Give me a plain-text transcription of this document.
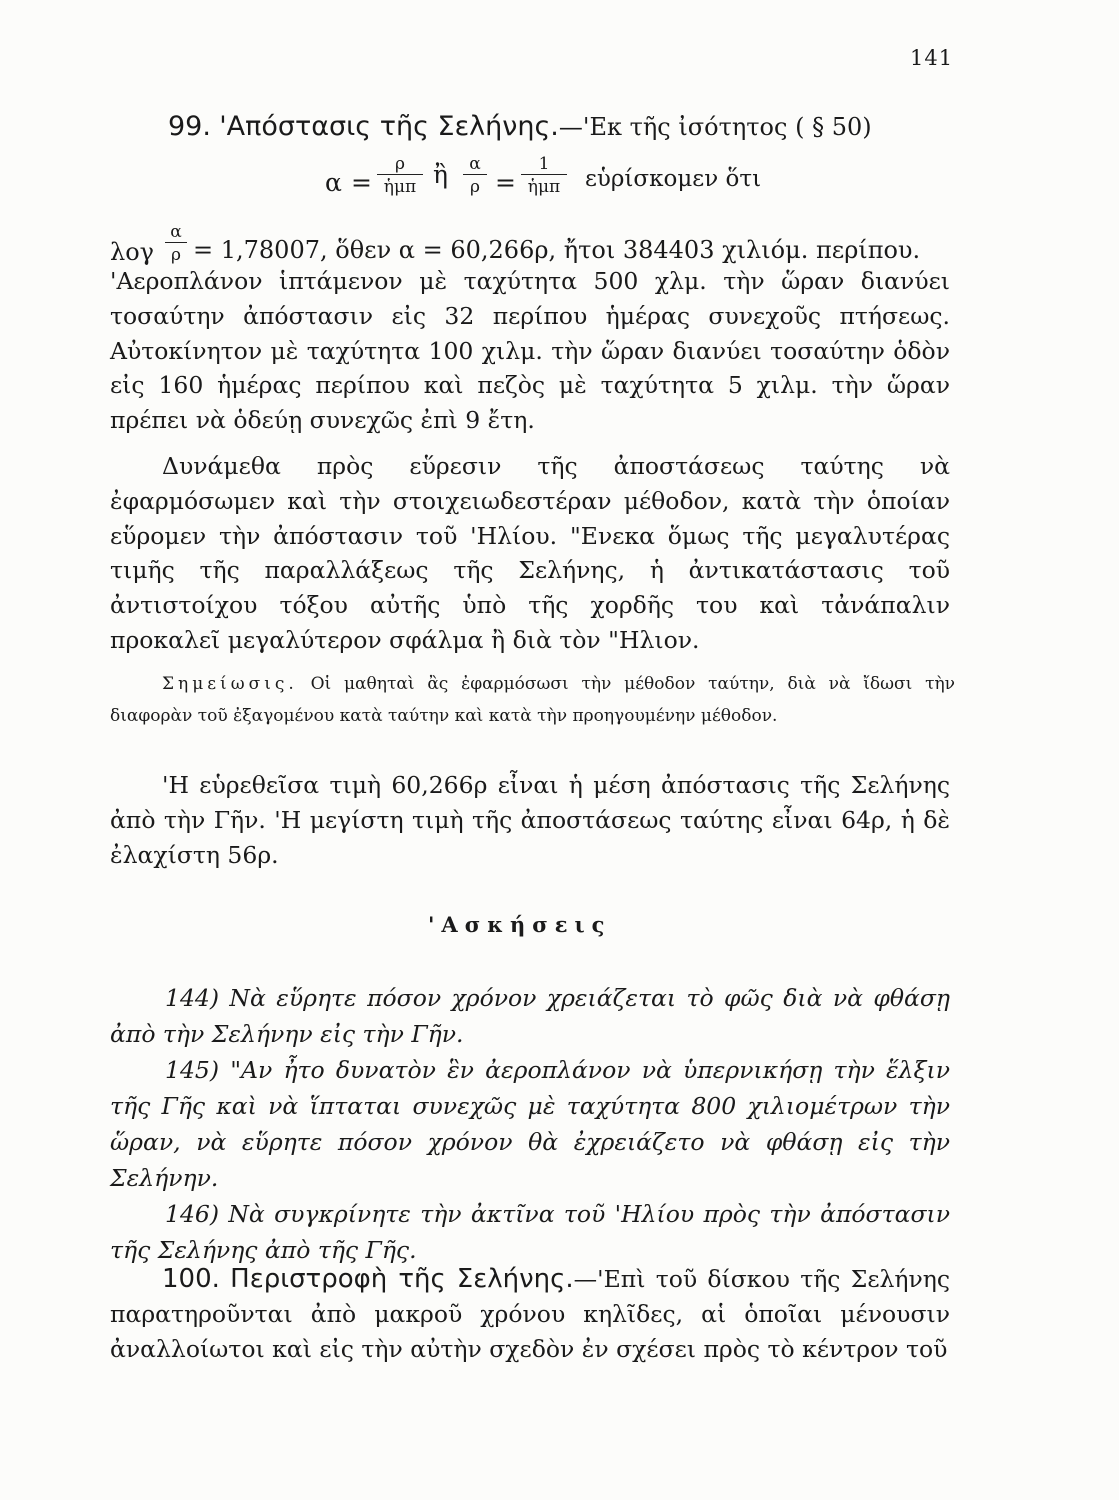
141
99. 'Απόστασις τῆς Σελήνης.—'Εκ τῆς ἰσότητος ( § 50)
α =
ρ
ἡμπ ἢ $\frac{\alpha}{\rho}$ =
1
ἡμπ εὑρίσκομεν ὅτι
λογ $\frac{\alpha}{\rho} = 1,78007$, ὅθεν α = 60,266ρ, ἤτοι 384403 χιλιόμ. περίπου.

'Αεροπλάνον ἱπτάμενον μὲ ταχύτητα 500 χλμ. τὴν ὥραν διανύει τοσαύτην ἀπόστασιν εἰς 32 περίπου ἡμέρας συνεχοῦς πτήσεως. Αὐτοκίνητον μὲ ταχύτητα 100 χιλμ. τὴν ὥραν διανύει τοσαύτην ὁδὸν εἰς 160 ἡμέρας περίπου καὶ πεζὸς μὲ ταχύτητα 5 χιλμ. τὴν ὥραν πρέπει νὰ ὁδεύῃ συνεχῶς ἐπὶ 9 ἔτη.

Δυνάμεθα πρὸς εὕρεσιν τῆς ἀποστάσεως ταύτης νὰ ἐφαρμόσωμεν καὶ τὴν στοιχειωδεστέραν μέθοδον, κατὰ τὴν ὁποίαν εὕρομεν τὴν ἀπόστασιν τοῦ 'Ηλίου. "Ενεκα ὅμως τῆς μεγαλυτέρας τιμῆς τῆς παραλλάξεως τῆς Σελήνης, ἡ ἀντικατάστασις τοῦ ἀντιστοίχου τόξου αὐτῆς ὑπὸ τῆς χορδῆς του καὶ τἀνάπαλιν προκαλεῖ μεγαλύτερον σφάλμα ἢ διὰ τὸν "Ηλιον.

Σημείωσις. Οἱ μαθηταὶ ἂς ἐφαρμόσωσι τὴν μέθοδον ταύτην, διὰ νὰ ἴδωσι τὴν διαφορὰν τοῦ ἐξαγομένου κατὰ ταύτην καὶ κατὰ τὴν προηγουμένην μέθοδον.

'Η εὑρεθεῖσα τιμὴ 60,266ρ εἶναι ἡ μέση ἀπόστασις τῆς Σελήνης ἀπὸ τὴν Γῆν. 'Η μεγίστη τιμὴ τῆς ἀποστάσεως ταύτης εἶναι 64ρ, ἡ δὲ ἐλαχίστη 56ρ.

'Ασκήσεις

144) Νὰ εὕρητε πόσον χρόνον χρειάζεται τὸ φῶς διὰ νὰ φθάσῃ ἀπὸ τὴν Σελήνην εἰς τὴν Γῆν.

145) "Αν ἦτο δυνατὸν ἓν ἀεροπλάνον νὰ ὑπερνικήσῃ τὴν ἕλξιν τῆς Γῆς καὶ νὰ ἵπταται συνεχῶς μὲ ταχύτητα 800 χιλιομέτρων τὴν ὥραν, νὰ εὕρητε πόσον χρόνον θὰ ἐχρειάζετο νὰ φθάσῃ εἰς τὴν Σελήνην.

146) Νὰ συγκρίνητε τὴν ἀκτῖνα τοῦ 'Ηλίου πρὸς τὴν ἀπόστασιν τῆς Σελήνης ἀπὸ τῆς Γῆς.

100. Περιστροφὴ τῆς Σελήνης.—'Επὶ τοῦ δίσκου τῆς Σελήνης παρατηροῦνται ἀπὸ μακροῦ χρόνου κηλῖδες, αἱ ὁποῖαι μένουσιν ἀναλλοίωτοι καὶ εἰς τὴν αὐτὴν σχεδὸν ἐν σχέσει πρὸς τὸ κέντρον τοῦ
